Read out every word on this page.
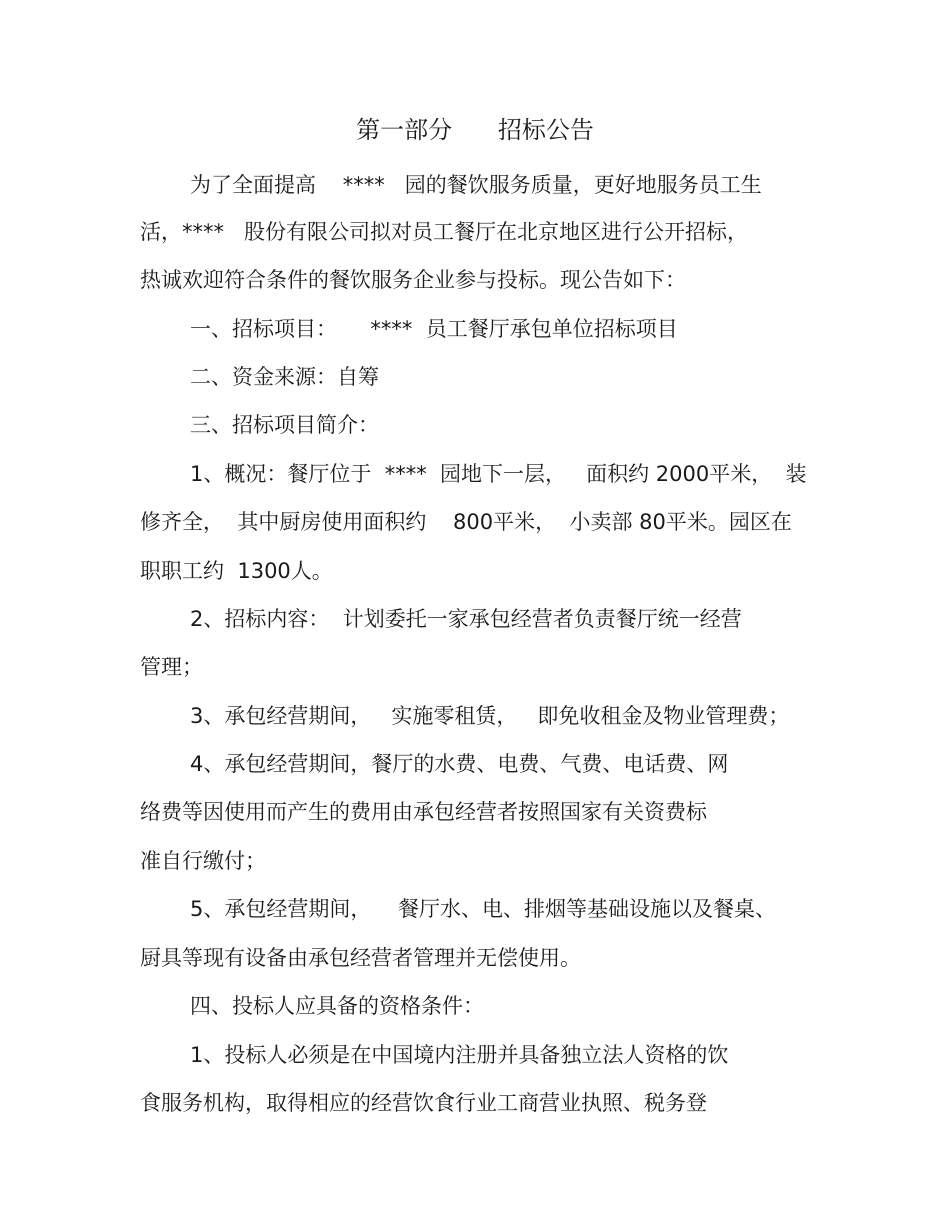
第一部分      招标公告
为了全面提高    ****   园的餐饮服务质量，更好地服务员工生
活，****   股份有限公司拟对员工餐厅在北京地区进行公开招标，
热诚欢迎符合条件的餐饮服务企业参与投标。现公告如下：
一、招标项目：     ****  员工餐厅承包单位招标项目
二、资金来源：自筹
三、招标项目简介：
1、概况：餐厅位于  ****  园地下一层，   面积约 2000平米，  装
修齐全，  其中厨房使用面积约    800平米，  小卖部 80平米。园区在
职职工约  1300人。
2、招标内容：  计划委托一家承包经营者负责餐厅统一经营
管理；
3、承包经营期间，   实施零租赁，   即免收租金及物业管理费；
4、承包经营期间，餐厅的水费、电费、气费、电话费、网
络费等因使用而产生的费用由承包经营者按照国家有关资费标
准自行缴付；
5、承包经营期间，    餐厅水、电、排烟等基础设施以及餐桌、
厨具等现有设备由承包经营者管理并无偿使用。
四、投标人应具备的资格条件：
1、投标人必须是在中国境内注册并具备独立法人资格的饮
食服务机构，取得相应的经营饮食行业工商营业执照、税务登
